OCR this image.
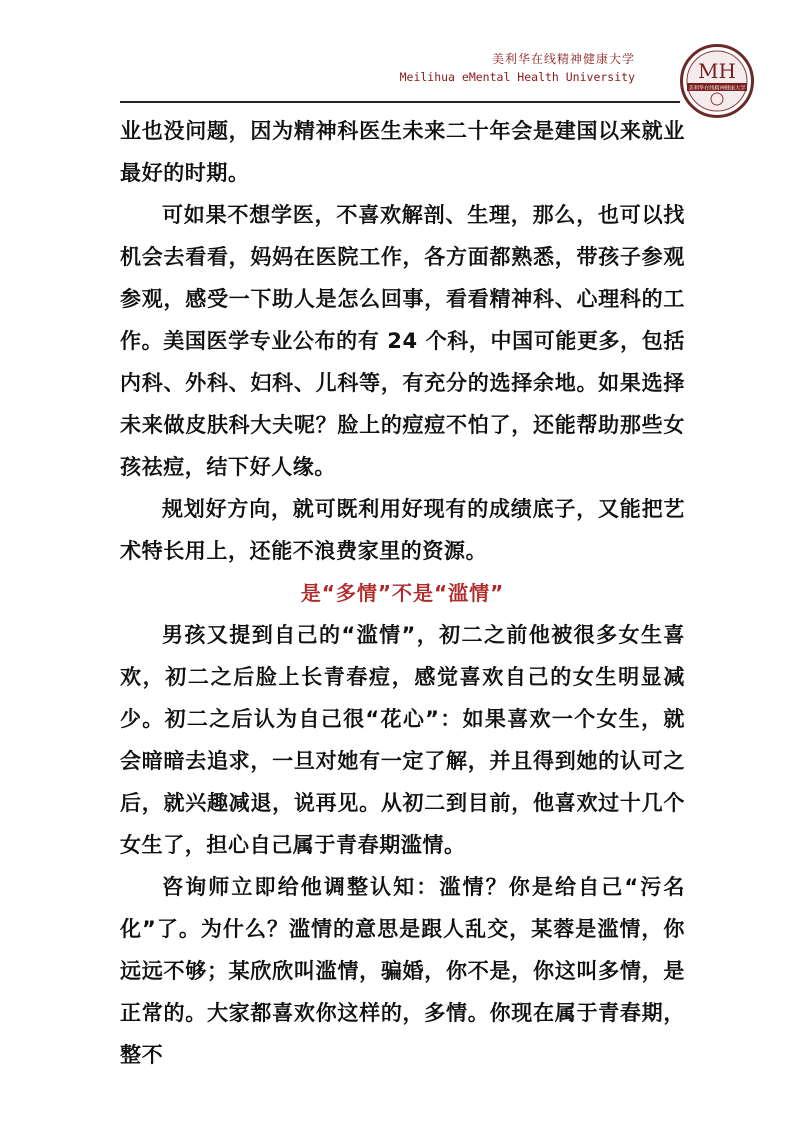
美利华在线精神健康大学
Meilihua eMental Health University	MH
美利华在线精神健康大学

业也没问题，因为精神科医生未来二十年会是建国以来就业最好的时期。

可如果不想学医，不喜欢解剖、生理，那么，也可以找机会去看看，妈妈在医院工作，各方面都熟悉，带孩子参观参观，感受一下助人是怎么回事，看看精神科、心理科的工作。美国医学专业公布的有 24 个科，中国可能更多，包括内科、外科、妇科、儿科等，有充分的选择余地。如果选择未来做皮肤科大夫呢？脸上的痘痘不怕了，还能帮助那些女孩祛痘，结下好人缘。

规划好方向，就可既利用好现有的成绩底子，又能把艺术特长用上，还能不浪费家里的资源。

是“多情”不是“滥情”

男孩又提到自己的“滥情”，初二之前他被很多女生喜欢，初二之后脸上长青春痘，感觉喜欢自己的女生明显减少。初二之后认为自己很“花心”：如果喜欢一个女生，就会暗暗去追求，一旦对她有一定了解，并且得到她的认可之后，就兴趣减退，说再见。从初二到目前，他喜欢过十几个女生了，担心自己属于青春期滥情。

咨询师立即给他调整认知：滥情？你是给自己“污名化”了。为什么？滥情的意思是跟人乱交，某蓉是滥情，你远远不够；某欣欣叫滥情，骗婚，你不是，你这叫多情，是正常的。大家都喜欢你这样的，多情。你现在属于青春期，整不
